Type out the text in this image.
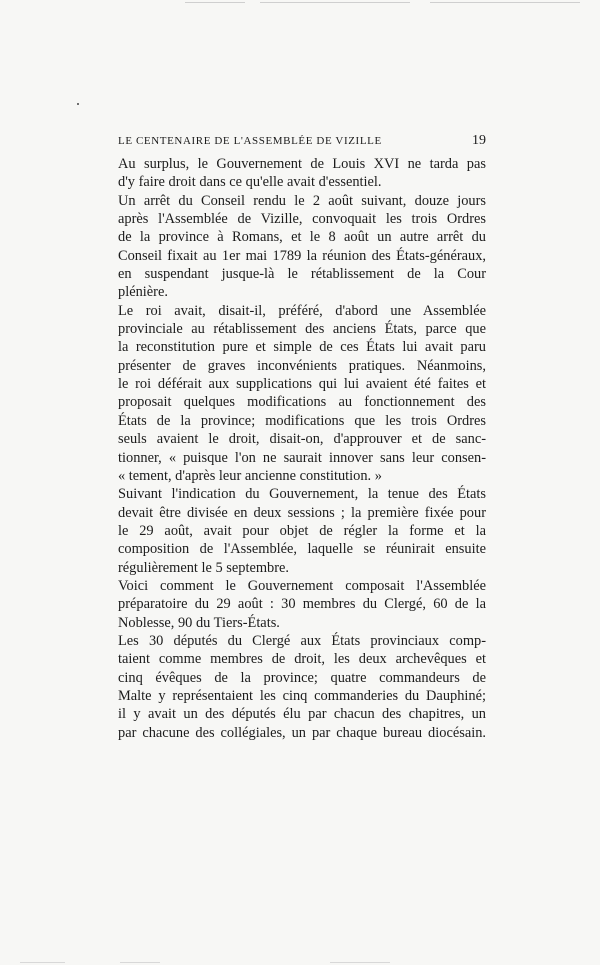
LE CENTENAIRE DE L'ASSEMBLÉE DE VIZILLE	19
Au surplus, le Gouvernement de Louis XVI ne tarda pas
d'y faire droit dans ce qu'elle avait d'essentiel.
Un arrêt du Conseil rendu le 2 août suivant, douze jours
après l'Assemblée de Vizille, convoquait les trois Ordres
de la province à Romans, et le 8 août un autre arrêt du
Conseil fixait au 1er mai 1789 la réunion des États-généraux,
en suspendant jusque-là le rétablissement de la Cour
plénière.
Le roi avait, disait-il, préféré, d'abord une Assemblée
provinciale au rétablissement des anciens États, parce que
la reconstitution pure et simple de ces États lui avait paru
présenter de graves inconvénients pratiques. Néanmoins,
le roi déférait aux supplications qui lui avaient été faites et
proposait quelques modifications au fonctionnement des
États de la province; modifications que les trois Ordres
seuls avaient le droit, disait-on, d'approuver et de sanc-
tionner, « puisque l'on ne saurait innover sans leur consen-
« tement, d'après leur ancienne constitution. »
Suivant l'indication du Gouvernement, la tenue des États
devait être divisée en deux sessions ; la première fixée pour
le 29 août, avait pour objet de régler la forme et la
composition de l'Assemblée, laquelle se réunirait ensuite
régulièrement le 5 septembre.
Voici comment le Gouvernement composait l'Assemblée
préparatoire du 29 août : 30 membres du Clergé, 60 de la
Noblesse, 90 du Tiers-États.
Les 30 députés du Clergé aux États provinciaux comp-
taient comme membres de droit, les deux archevêques et
cinq évêques de la province; quatre commandeurs de
Malte y représentaient les cinq commanderies du Dauphiné;
il y avait un des députés élu par chacun des chapitres, un
par chacune des collégiales, un par chaque bureau diocésain.
